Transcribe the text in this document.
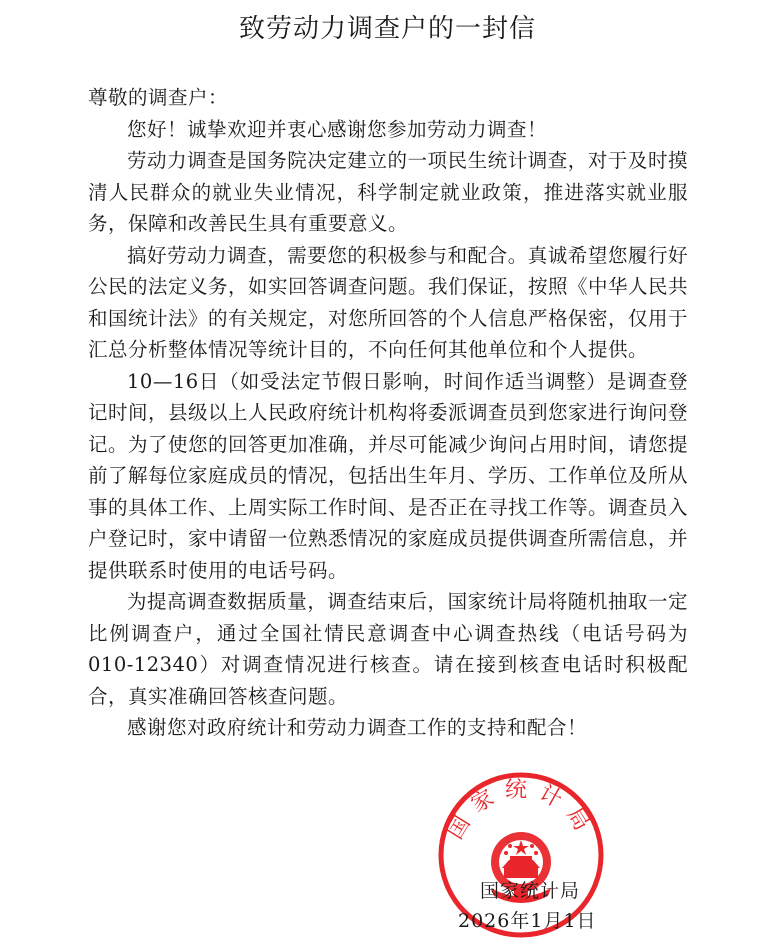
致劳动力调查户的一封信

尊敬的调查户：

您好！诚挚欢迎并衷心感谢您参加劳动力调查！

劳动力调查是国务院决定建立的一项民生统计调查，对于及时摸清人民群众的就业失业情况，科学制定就业政策，推进落实就业服务，保障和改善民生具有重要意义。

搞好劳动力调查，需要您的积极参与和配合。真诚希望您履行好公民的法定义务，如实回答调查问题。我们保证，按照《中华人民共和国统计法》的有关规定，对您所回答的个人信息严格保密，仅用于汇总分析整体情况等统计目的，不向任何其他单位和个人提供。

10—16日（如受法定节假日影响，时间作适当调整）是调查登记时间，县级以上人民政府统计机构将委派调查员到您家进行询问登记。为了使您的回答更加准确，并尽可能减少询问占用时间，请您提前了解每位家庭成员的情况，包括出生年月、学历、工作单位及所从事的具体工作、上周实际工作时间、是否正在寻找工作等。调查员入户登记时，家中请留一位熟悉情况的家庭成员提供调查所需信息，并提供联系时使用的电话号码。

为提高调查数据质量，调查结束后，国家统计局将随机抽取一定比例调查户，通过全国社情民意调查中心调查热线（电话号码为010-12340）对调查情况进行核查。请在接到核查电话时积极配合，真实准确回答核查问题。

感谢您对政府统计和劳动力调查工作的支持和配合！

国家统计局
国家统计局
2026年1月1日
